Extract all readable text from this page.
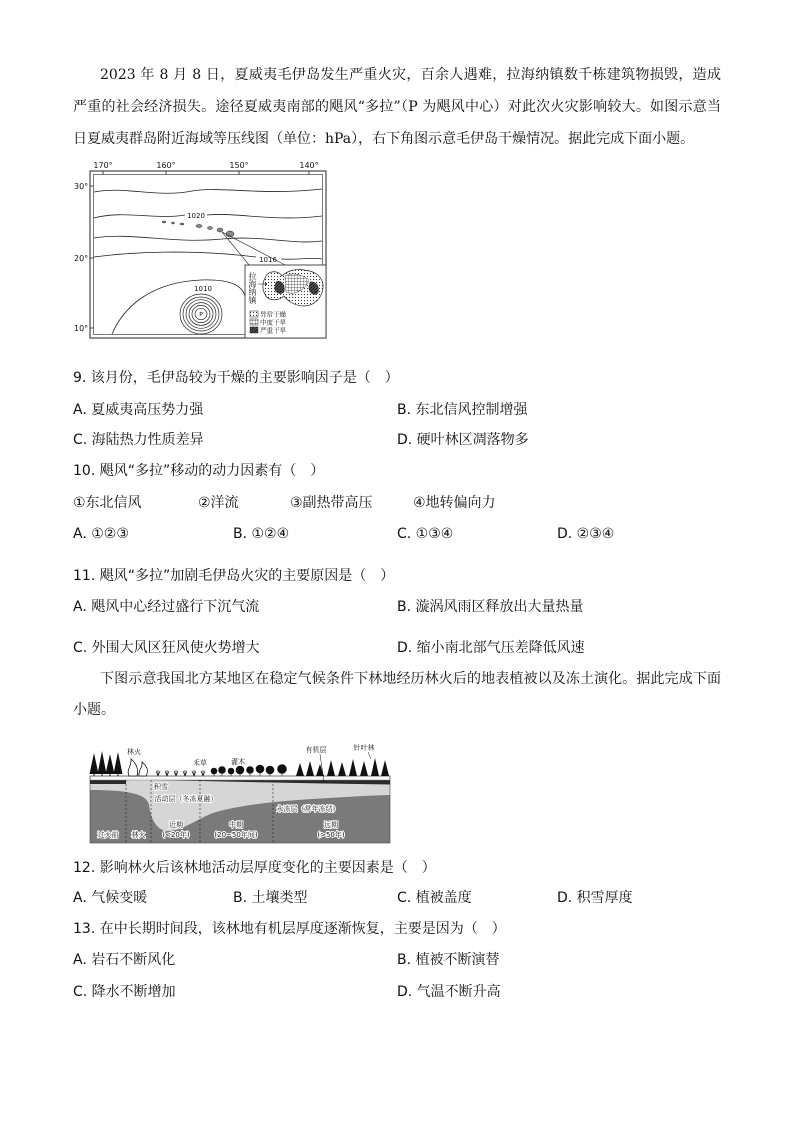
2023 年 8 月 8 日，夏威夷毛伊岛发生严重火灾，百余人遇难，拉海纳镇数千栋建筑物损毁，造成严重的社会经济损失。途径夏威夷南部的飓风“多拉”（P 为飓风中心）对此次火灾影响较大。如图示意当日夏威夷群岛附近海域等压线图（单位：hPa），右下角图示意毛伊岛干燥情况。据此完成下面小题。
170°	160°	150°	140°
30°
20°
10°
1020
1016
1010
P	异常干燥
中度干旱
严重干旱
拉海纳镇
9. 该月份，毛伊岛较为干燥的主要影响因子是（　）
A. 夏威夷高压势力强	B. 东北信风控制增强
C. 海陆热力性质差异	D. 硬叶林区凋落物多
10. 飓风“多拉”移动的动力因素有（　）
①东北信风	②洋流	③副热带高压	④地转偏向力
A. ①②③	B. ①②④	C. ①③④	D. ②③④
11. 飓风“多拉”加剧毛伊岛火灾的主要原因是（　）
A. 飓风中心经过盛行下沉气流	B. 漩涡风雨区释放出大量热量
C. 外围大风区狂风使火势增大	D. 缩小南北部气压差降低风速
下图示意我国北方某地区在稳定气候条件下林地经历林火后的地表植被以及冻土演化。据此完成下面小题。
林火
禾草	灌木
有机层	针叶林
积雪
活动层（冬冻夏融）
永冻层（常年冻结）
过火前 林火
近期
(<20年)
中期
(20~50年间)
远期
(>50年)
12. 影响林火后该林地活动层厚度变化的主要因素是（　）
A. 气候变暖	B. 土壤类型	C. 植被盖度	D. 积雪厚度
13. 在中长期时间段，该林地有机层厚度逐渐恢复，主要是因为（　）
A. 岩石不断风化	B. 植被不断演替
C. 降水不断增加	D. 气温不断升高
